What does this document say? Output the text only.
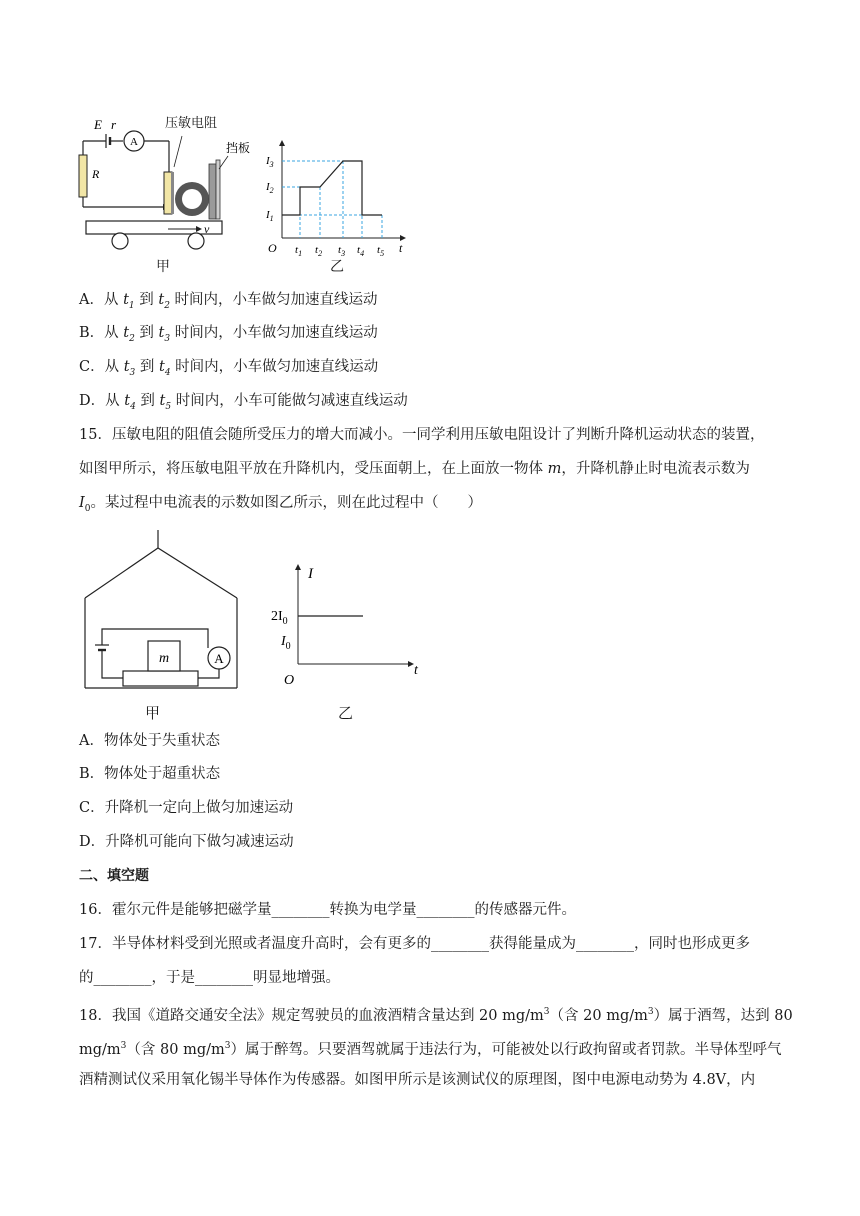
A
E r
R
挡板
v
压敏电阻
甲
$I_3$
$I_2$
$I_1$
O $t_1$ $t_2$ $t_3$ $t_4$ $t_5$ t
乙
A．从 $t_1$ 到 $t_2$ 时间内，小车做匀加速直线运动
B．从 $t_2$ 到 $t_3$ 时间内，小车做匀加速直线运动
C．从 $t_3$ 到 $t_4$ 时间内，小车做匀加速直线运动
D．从 $t_4$ 到 $t_5$ 时间内，小车可能做匀减速直线运动
15．压敏电阻的阻值会随所受压力的增大而减小。一同学利用压敏电阻设计了判断升降机运动状态的装置，
如图甲所示，将压敏电阻平放在升降机内，受压面朝上，在上面放一物体 m，升降机静止时电流表示数为
$I_0$。某过程中电流表的示数如图乙所示，则在此过程中（　　）
A
m
甲
I
$2I_0$
$I_0$
O
t
乙
A．物体处于失重状态
B．物体处于超重状态
C．升降机一定向上做匀加速运动
D．升降机可能向下做匀减速运动
二、填空题
16．霍尔元件是能够把磁学量________转换为电学量________的传感器元件。
17．半导体材料受到光照或者温度升高时，会有更多的________获得能量成为________，同时也形成更多
的________，于是________明显地增强。
18．我国《道路交通安全法》规定驾驶员的血液酒精含量达到 20 $mg/m^3$（含 20 $mg/m^3$）属于酒驾，达到 80
$mg/m^3$（含 80 $mg/m^3$）属于醉驾。只要酒驾就属于违法行为，可能被处以行政拘留或者罚款。半导体型呼气
酒精测试仪采用氧化锡半导体作为传感器。如图甲所示是该测试仪的原理图，图中电源电动势为 4.8V，内
